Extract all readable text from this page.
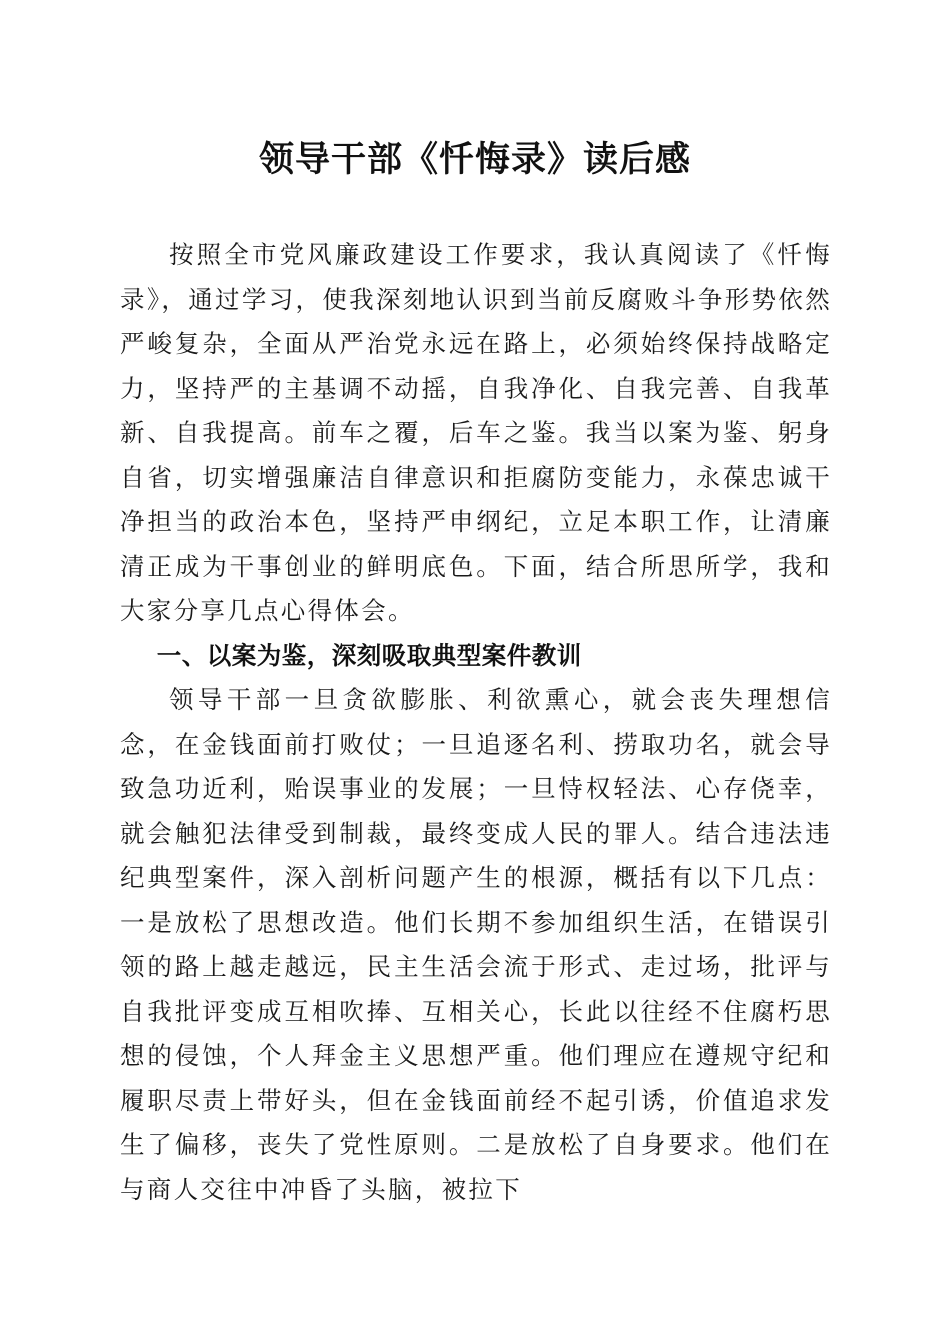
领导干部《忏悔录》读后感

按照全市党风廉政建设工作要求，我认真阅读了《忏悔录》，通过学习，使我深刻地认识到当前反腐败斗争形势依然严峻复杂，全面从严治党永远在路上，必须始终保持战略定力，坚持严的主基调不动摇，自我净化、自我完善、自我革新、自我提高。前车之覆，后车之鉴。我当以案为鉴、躬身自省，切实增强廉洁自律意识和拒腐防变能力，永葆忠诚干净担当的政治本色，坚持严申纲纪，立足本职工作，让清廉清正成为干事创业的鲜明底色。下面，结合所思所学，我和大家分享几点心得体会。

一、以案为鉴，深刻吸取典型案件教训

领导干部一旦贪欲膨胀、利欲熏心，就会丧失理想信念，在金钱面前打败仗；一旦追逐名利、捞取功名，就会导致急功近利，贻误事业的发展；一旦恃权轻法、心存侥幸，就会触犯法律受到制裁，最终变成人民的罪人。结合违法违纪典型案件，深入剖析问题产生的根源，概括有以下几点：一是放松了思想改造。他们长期不参加组织生活，在错误引领的路上越走越远，民主生活会流于形式、走过场，批评与自我批评变成互相吹捧、互相关心，长此以往经不住腐朽思想的侵蚀，个人拜金主义思想严重。他们理应在遵规守纪和履职尽责上带好头，但在金钱面前经不起引诱，价值追求发生了偏移，丧失了党性原则。二是放松了自身要求。他们在与商人交往中冲昏了头脑，被拉下
